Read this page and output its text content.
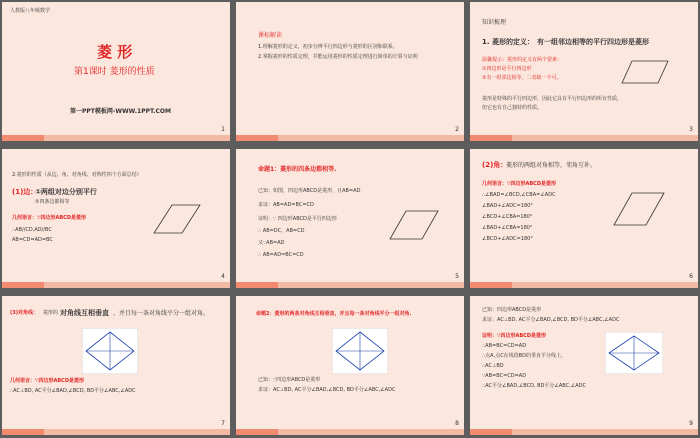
人教版八年级数学
菱 形
第1课时 菱形的性质
第一PPT模板网-WWW.1PPT.COM
1
课标解读
1.理解菱形的定义，初步分辨平行四边形与菱形的区别和联系。
2.掌握菱形的性质定理，并能运用菱形的性质定理进行简单的计算与证明
2
知识梳理
1. 菱形的定义： 有一组邻边相等的平行四边形是菱形
温馨提示：菱形的定义有两个要素：
①四边形是平行四边形
②有一组邻边相等，二者缺一不可。
菱形是特殊的平行四边形，因此它具有平行四边形的所有性质，
但它也有自己独特的性质。
3
2.菱形的性质（从边、角、对角线、对称性四个方面总结）
(1)边：
①两组对边分别平行
②四条边都相等
几何语言：∵四边形ABCD是菱形
∴AB//CD,AD//BC
AB=CD=AD=BC
4
命题1：菱形的四条边都相等.
已知：如图，四边形ABCD是菱形，且AB=AD
求证：AB=AD=BC=CD
证明：∵ 四边形ABCD是平行四边形
∴ AB=DC，AB=CD
又∵AB=AD
∴ AB=AD=BC=CD
5
(2)角：
菱形的两组对角相等，邻角互补。
几何语言：∵四边形ABCD是菱形
∴∠BAD=∠BCD,∠CBA=∠ADC
∠BAD+∠ADC=180°
∠BCD+∠CBA=180°
∠BAD+∠CBA=180°
∠BCD+∠ADC=180°
6
(3)对角线： 菱形的 对角线互相垂直 ，并且每一条对角线平分一组对角。
几何语言：∵四边形ABCD是菱形
∴AC⊥BD, AC平分∠BAD,∠BCD, BD平分∠ABC,∠ADC
7
命题2：菱形的两条对角线互相垂直，并且每一条对角线平分一组对角.
已知：∵四边形ABCD是菱形
求证：AC⊥BD, AC平分∠BAD,∠BCD, BD平分∠ABC,∠ADC
8
已知：四边形ABCD是菱形
求证：AC⊥BD, AC平分∠BAD,∠BCD, BD平分∠ABC,∠ADC
证明：∵四边形ABCD是菱形
∴AB=BC=CD=AD
∴点A,点C在线段BD的垂直平分线上，
∴AC⊥BD
∵AB=BC=CD=AD
∴AC平分∠BAD,∠BCD, BD平分∠ABC,∠ADC
9
